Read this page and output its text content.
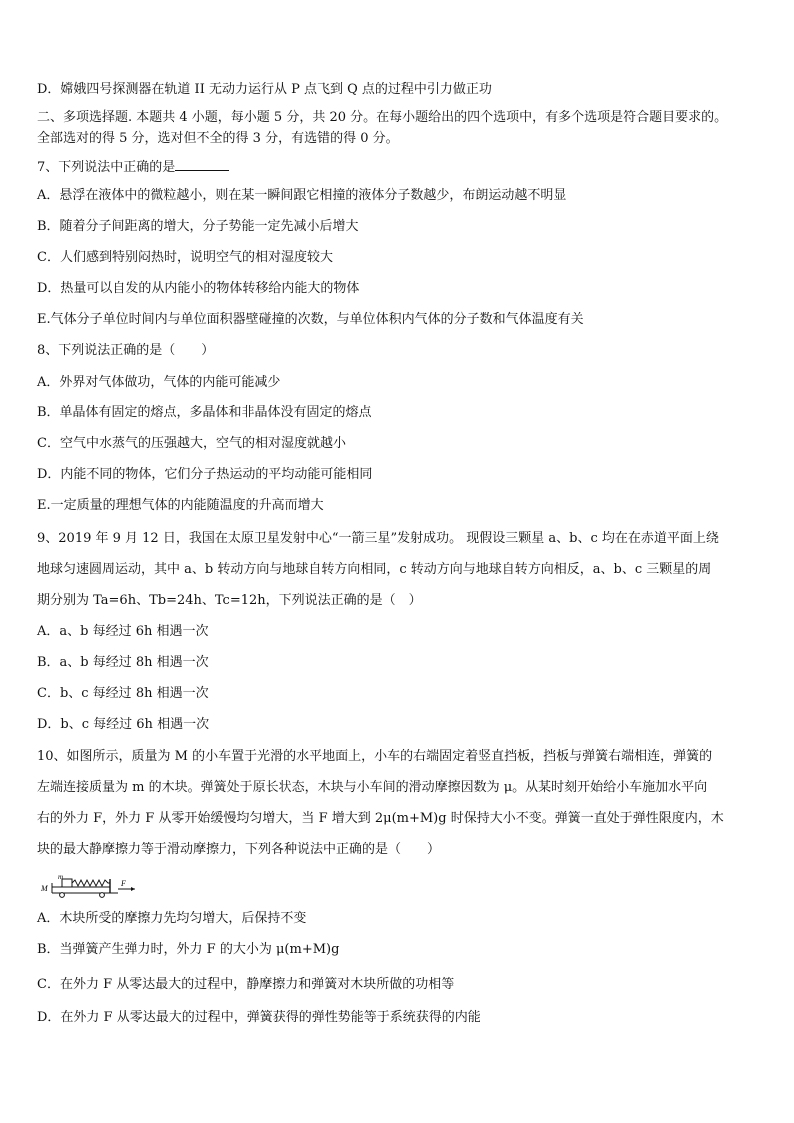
D．嫦娥四号探测器在轨道 II 无动力运行从 P 点飞到 Q 点的过程中引力做正功
二、多项选择题. 本题共 4 小题，每小题 5 分，共 20 分。在每小题给出的四个选项中，有多个选项是符合题目要求的。
全部选对的得 5 分，选对但不全的得 3 分，有选错的得 0 分。
7、下列说法中正确的是
A．悬浮在液体中的微粒越小，则在某一瞬间跟它相撞的液体分子数越少，布朗运动越不明显
B．随着分子间距离的增大，分子势能一定先减小后增大
C．人们感到特别闷热时，说明空气的相对湿度较大
D．热量可以自发的从内能小的物体转移给内能大的物体
E.气体分子单位时间内与单位面积器壁碰撞的次数，与单位体积内气体的分子数和气体温度有关
8、下列说法正确的是（　　）
A．外界对气体做功，气体的内能可能减少
B．单晶体有固定的熔点，多晶体和非晶体没有固定的熔点
C．空气中水蒸气的压强越大，空气的相对湿度就越小
D．内能不同的物体，它们分子热运动的平均动能可能相同
E.一定质量的理想气体的内能随温度的升高而增大
9、2019 年 9 月 12 日，我国在太原卫星发射中心“一箭三星”发射成功。 现假设三颗星 a、b、c 均在在赤道平面上绕
地球匀速圆周运动，其中 a、b 转动方向与地球自转方向相同，c 转动方向与地球自转方向相反，a、b、c 三颗星的周
期分别为 Ta=6h、Tb=24h、Tc=12h，下列说法正确的是（　）
A．a、b 每经过 6h 相遇一次
B．a、b 每经过 8h 相遇一次
C．b、c 每经过 8h 相遇一次
D．b、c 每经过 6h 相遇一次
10、如图所示，质量为 M 的小车置于光滑的水平地面上，小车的右端固定着竖直挡板，挡板与弹簧右端相连，弹簧的
左端连接质量为 m 的木块。弹簧处于原长状态，木块与小车间的滑动摩擦因数为 μ。从某时刻开始给小车施加水平向
右的外力 F，外力 F 从零开始缓慢均匀增大，当 F 增大到 2μ(m+M)g 时保持大小不变。弹簧一直处于弹性限度内，木
块的最大静摩擦力等于滑动摩擦力，下列各种说法中正确的是（　　）
M
m
F
A．木块所受的摩擦力先均匀增大，后保持不变
B．当弹簧产生弹力时，外力 F 的大小为 μ(m+M)g
C．在外力 F 从零达最大的过程中，静摩擦力和弹簧对木块所做的功相等
D．在外力 F 从零达最大的过程中，弹簧获得的弹性势能等于系统获得的内能
